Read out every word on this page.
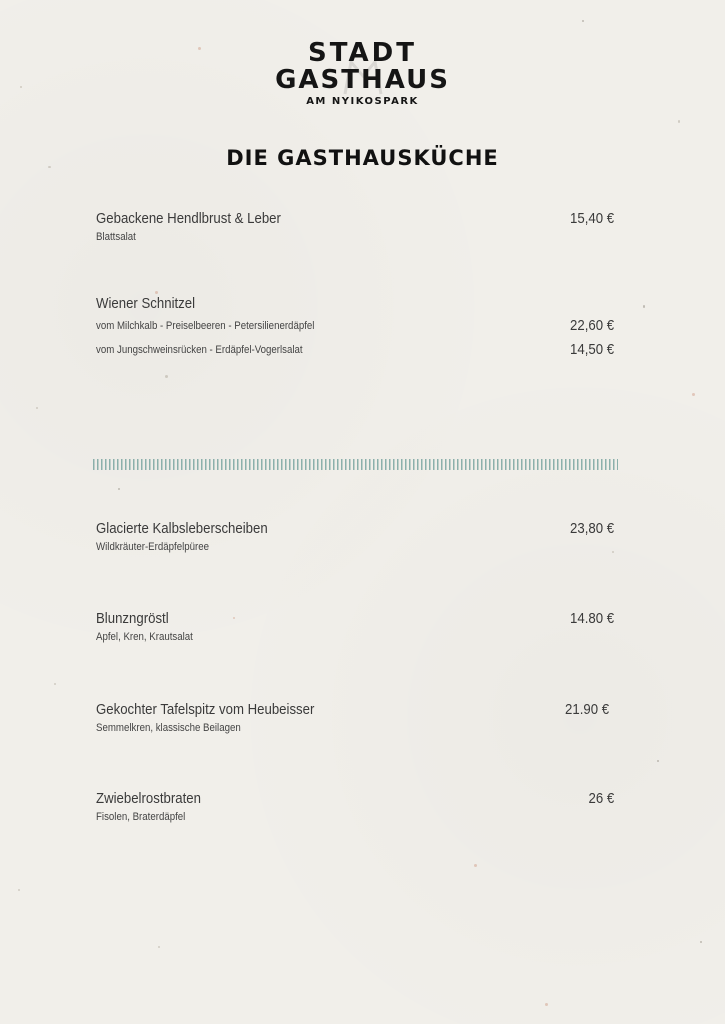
STADT
GASTHAUS
AM NYIKOSPARK
DIE GASTHAUSKÜCHE
Gebackene Hendlbrust & Leber
Blattsalat
15,40 €
Wiener Schnitzel
vom Milchkalb - Preiselbeeren - Petersilienerdäpfel	22,60 €
vom Jungschweinsrücken - Erdäpfel-Vogerlsalat	14,50 €
Glacierte Kalbsleberscheiben
Wildkräuter-Erdäpfelpüree
23,80 €
Blunzngröstl
Apfel, Kren, Krautsalat
14.80 €
Gekochter Tafelspitz vom Heubeisser
Semmelkren, klassische Beilagen
21.90 €
Zwiebelrostbraten
Fisolen, Braterdäpfel
26 €
